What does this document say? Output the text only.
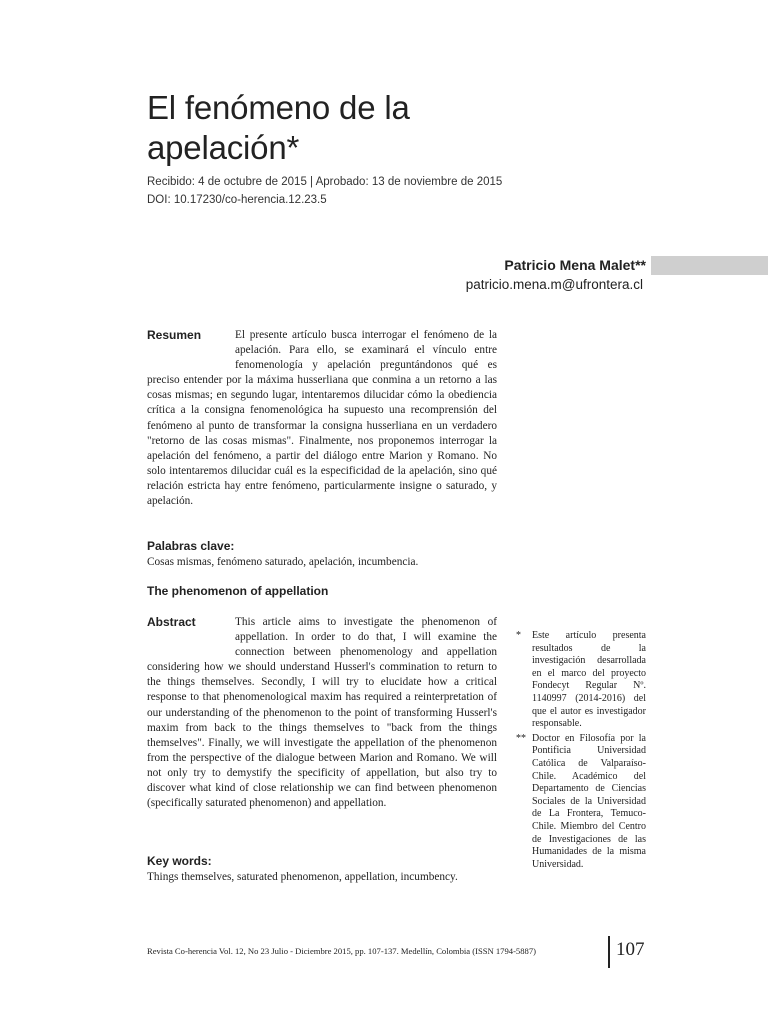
El fenómeno de la
apelación*
Recibido: 4 de octubre de 2015 | Aprobado: 13 de noviembre de 2015
DOI: 10.17230/co-herencia.12.23.5
Patricio Mena Malet**
patricio.mena.m@ufrontera.cl
Resumen	El presente artículo busca interrogar el fenómeno de la apelación. Para ello, se examinará el vínculo entre fenomenología y apelación preguntándonos qué es preciso entender por la máxima husserliana que conmina a un retorno a las cosas mismas; en segundo lugar, intentaremos dilucidar cómo la obediencia crítica a la consigna fenomenológica ha supuesto una recomprensión del fenómeno al punto de transformar la consigna husserliana en un verdadero "retorno de las cosas mismas". Finalmente, nos proponemos interrogar la apelación del fenómeno, a partir del diálogo entre Marion y Romano. No solo intentaremos dilucidar cuál es la especificidad de la apelación, sino qué relación estricta hay entre fenómeno, particularmente insigne o saturado, y apelación.
Palabras clave:
Cosas mismas, fenómeno saturado, apelación, incumbencia.
The phenomenon of appellation
Abstract	This article aims to investigate the phenomenon of appellation. In order to do that, I will examine the connection between phenomenology and appellation considering how we should understand Husserl's commination to return to the things themselves. Secondly, I will try to elucidate how a critical response to that phenomenological maxim has required a reinterpretation of our understanding of the phenomenon to the point of transforming Husserl's maxim from back to the things themselves to "back from the things themselves". Finally, we will investigate the appellation of the phenomenon from the perspective of the dialogue between Marion and Romano. We will not only try to demystify the specificity of appellation, but also try to discover what kind of close relationship we can find between phenomenon (specifically saturated phenomenon) and appellation.
Key words:
Things themselves, saturated phenomenon, appellation, incumbency.
* Este artículo presenta resultados de la investigación desarrollada en el marco del proyecto Fondecyt Regular Nº. 1140997 (2014-2016) del que el autor es investigador responsable.
** Doctor en Filosofía por la Pontificia Universidad Católica de Valparaíso-Chile. Académico del Departamento de Ciencias Sociales de la Universidad de La Frontera, Temuco-Chile. Miembro del Centro de Investigaciones de las Humanidades de la misma Universidad.
Revista Co-herencia Vol. 12, No 23 Julio - Diciembre 2015, pp. 107-137. Medellín, Colombia (ISSN 1794-5887)	107
